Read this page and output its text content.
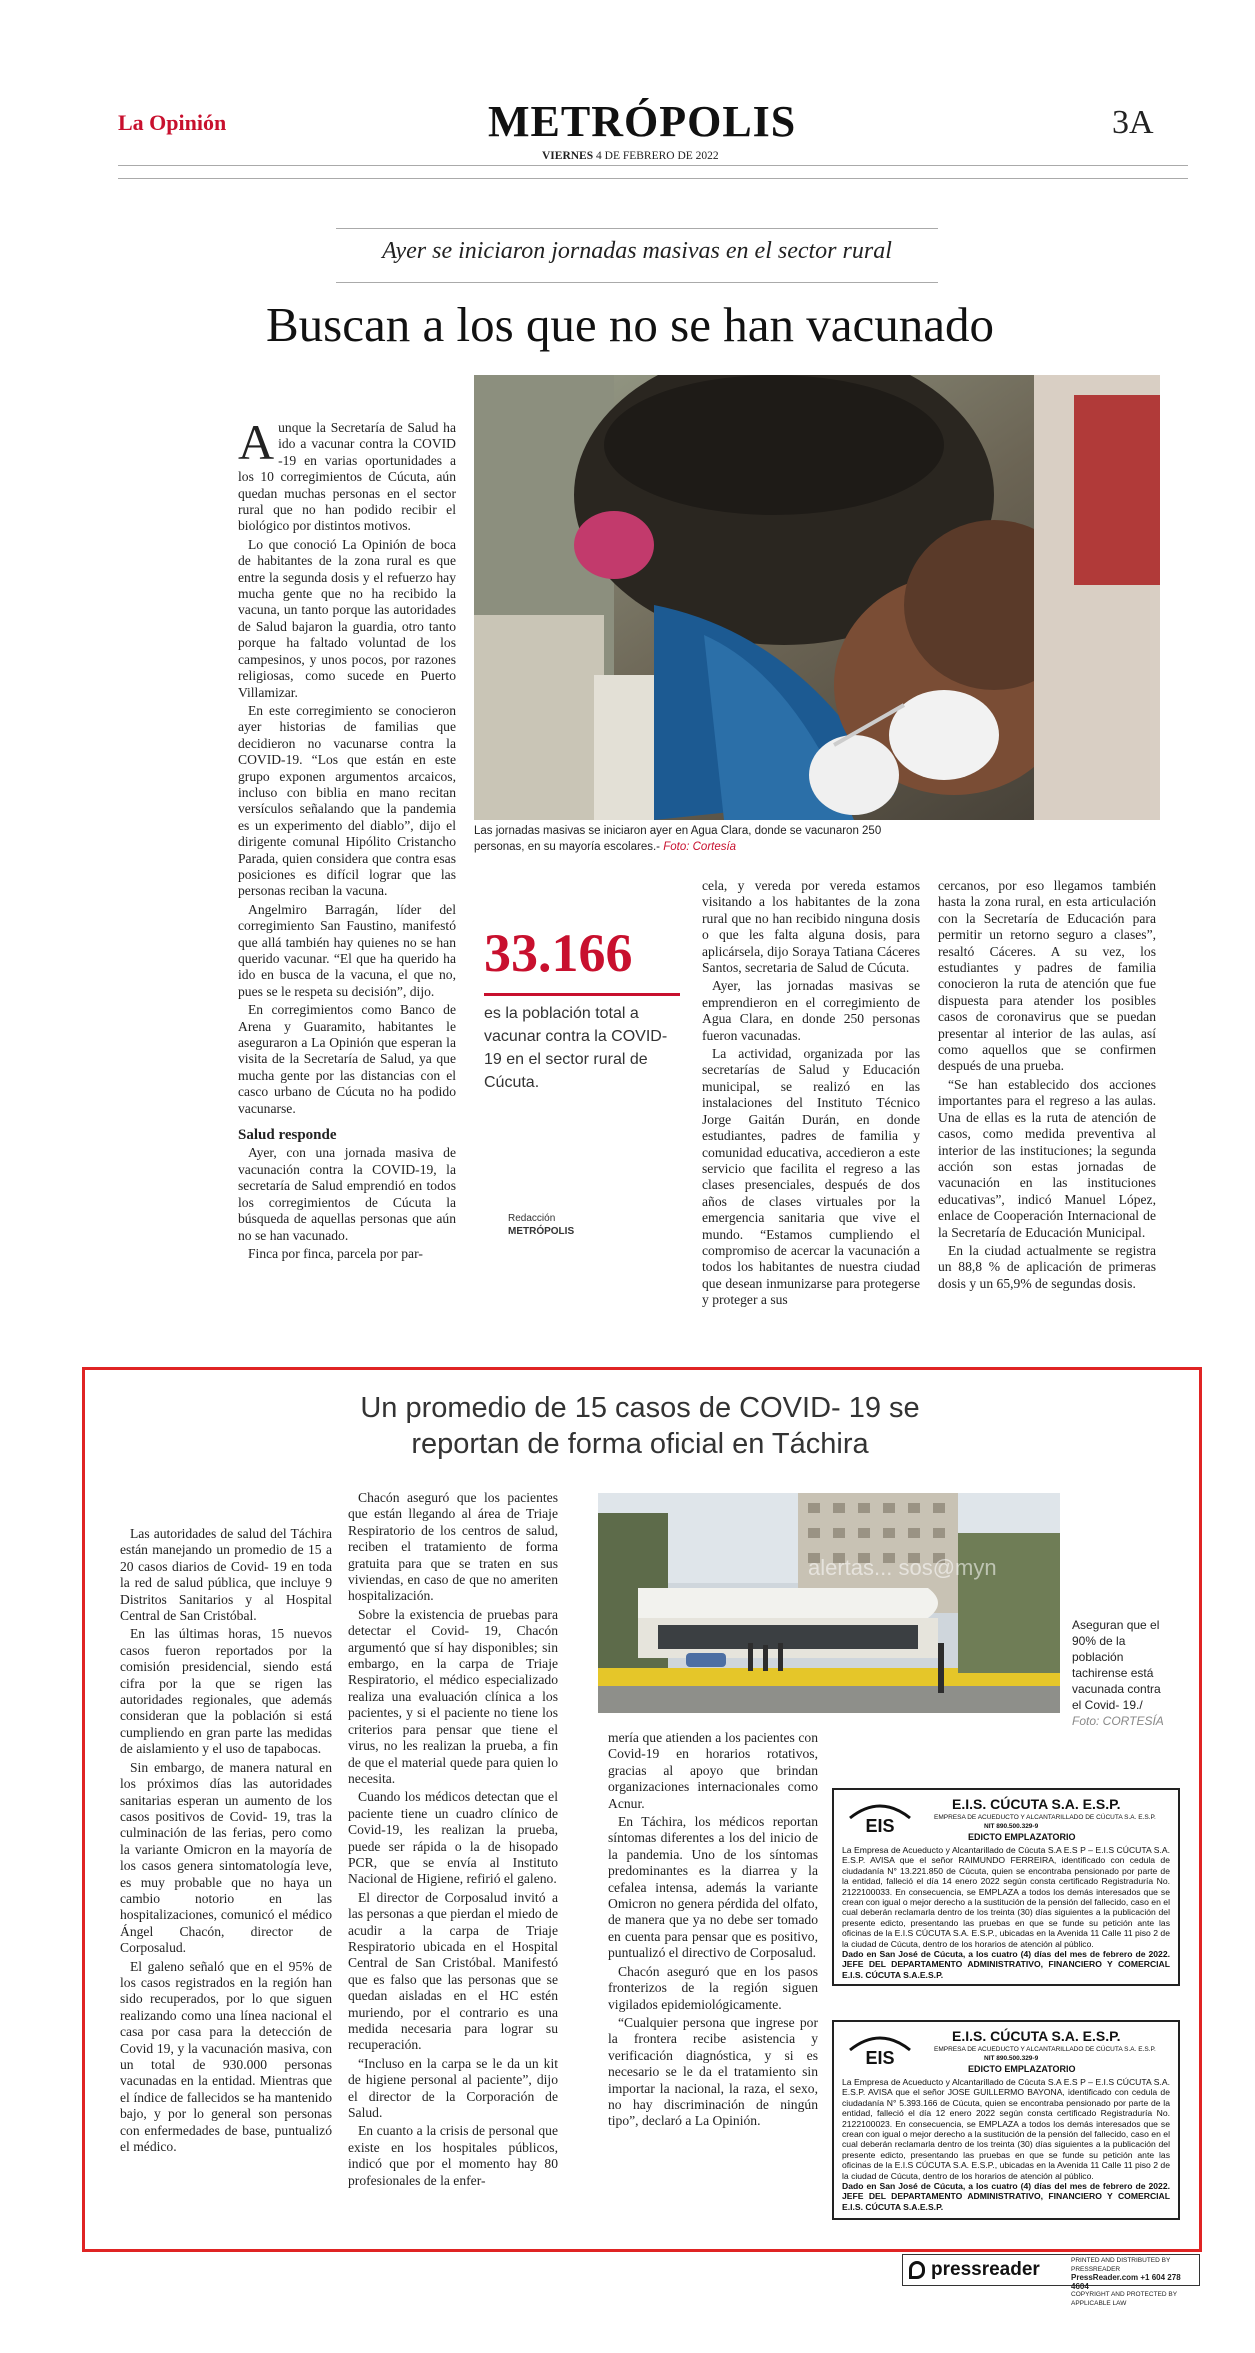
La Opinión	METRÓPOLIS	3A
VIERNES 4 DE FEBRERO DE 2022
Ayer se iniciaron jornadas masivas en el sector rural
Buscan a los que no se han vacunado
Las jornadas masivas se iniciaron ayer en Agua Clara, donde se vacunaron 250 personas, en su mayoría escolares.- Foto: Cortesía

A unque la Secretaría de Salud ha ido a vacunar contra la COVID -19 en varias oportunidades a los 10 corregimientos de Cúcuta, aún quedan muchas personas en el sector rural que no han podido recibir el biológico por distintos motivos.

Lo que conoció La Opinión de boca de habitantes de la zona rural es que entre la segunda dosis y el refuerzo hay mucha gente que no ha recibido la vacuna, un tanto porque las autoridades de Salud bajaron la guardia, otro tanto porque ha faltado voluntad de los campesinos, y unos pocos, por razones religiosas, como sucede en Puerto Villamizar.

En este corregimiento se conocieron ayer historias de familias que decidieron no vacunarse contra la COVID-19. “Los que están en este grupo exponen argumentos arcaicos, incluso con biblia en mano recitan versículos señalando que la pandemia es un experimento del diablo”, dijo el dirigente comunal Hipólito Cristancho Parada, quien considera que contra esas posiciones es difícil lograr que las personas reciban la vacuna.

Angelmiro Barragán, líder del corregimiento San Faustino, manifestó que allá también hay quienes no se han querido vacunar. “El que ha querido ha ido en busca de la vacuna, el que no, pues se le respeta su decisión”, dijo.

En corregimientos como Banco de Arena y Guaramito, habitantes le aseguraron a La Opinión que esperan la visita de la Secretaría de Salud, ya que mucha gente por las distancias con el casco urbano de Cúcuta no ha podido vacunarse.

Salud responde

Ayer, con una jornada masiva de vacunación contra la COVID-19, la secretaría de Salud emprendió en todos los corregimientos de Cúcuta la búsqueda de aquellas personas que aún no se han vacunado.

Finca por finca, parcela por par-

33.166
es la población total a vacunar contra la COVID-19 en el sector rural de Cúcuta.
Redacción
METRÓPOLIS

cela, y vereda por vereda estamos visitando a los habitantes de la zona rural que no han recibido ninguna dosis o que les falta alguna dosis, para aplicársela, dijo Soraya Tatiana Cáceres Santos, secretaria de Salud de Cúcuta.

Ayer, las jornadas masivas se emprendieron en el corregimiento de Agua Clara, en donde 250 personas fueron vacunadas.

La actividad, organizada por las secretarías de Salud y Educación municipal, se realizó en las instalaciones del Instituto Técnico Jorge Gaitán Durán, en donde estudiantes, padres de familia y comunidad educativa, accedieron a este servicio que facilita el regreso a las clases presenciales, después de dos años de clases virtuales por la emergencia sanitaria que vive el mundo. “Estamos cumpliendo el compromiso de acercar la vacunación a todos los habitantes de nuestra ciudad que desean inmunizarse para protegerse y proteger a sus

cercanos, por eso llegamos también hasta la zona rural, en esta articulación con la Secretaría de Educación para permitir un retorno seguro a clases”, resaltó Cáceres. A su vez, los estudiantes y padres de familia conocieron la ruta de atención que fue dispuesta para atender los posibles casos de coronavirus que se puedan presentar al interior de las aulas, así como aquellos que se confirmen después de una prueba.

“Se han establecido dos acciones importantes para el regreso a las aulas. Una de ellas es la ruta de atención de casos, como medida preventiva al interior de las instituciones; la segunda acción son estas jornadas de vacunación en las instituciones educativas”, indicó Manuel López, enlace de Cooperación Internacional de la Secretaría de Educación Municipal.

En la ciudad actualmente se registra un 88,8 % de aplicación de primeras dosis y un 65,9% de segundas dosis.

Un promedio de 15 casos de COVID- 19 se
reportan de forma oficial en Táchira

Las autoridades de salud del Táchira están manejando un promedio de 15 a 20 casos diarios de Covid- 19 en toda la red de salud pública, que incluye 9 Distritos Sanitarios y al Hospital Central de San Cristóbal.

En las últimas horas, 15 nuevos casos fueron reportados por la comisión presidencial, siendo está cifra por la que se rigen las autoridades regionales, que además consideran que la población si está cumpliendo en gran parte las medidas de aislamiento y el uso de tapabocas.

Sin embargo, de manera natural en los próximos días las autoridades sanitarias esperan un aumento de los casos positivos de Covid- 19, tras la culminación de las ferias, pero como la variante Omicron en la mayoría de los casos genera sintomatología leve, es muy probable que no haya un cambio notorio en las hospitalizaciones, comunicó el médico Ángel Chacón, director de Corposalud.

El galeno señaló que en el 95% de los casos registrados en la región han sido recuperados, por lo que siguen realizando como una línea nacional el casa por casa para la detección de Covid 19, y la vacunación masiva, con un total de 930.000 personas vacunadas en la entidad. Mientras que el índice de fallecidos se ha mantenido bajo, y por lo general son personas con enfermedades de base, puntualizó el médico.

Chacón aseguró que los pacientes que están llegando al área de Triaje Respiratorio de los centros de salud, reciben el tratamiento de forma gratuita para que se traten en sus viviendas, en caso de que no ameriten hospitalización.

Sobre la existencia de pruebas para detectar el Covid- 19, Chacón argumentó que sí hay disponibles; sin embargo, en la carpa de Triaje Respiratorio, el médico especializado realiza una evaluación clínica a los pacientes, y si el paciente no tiene los criterios para pensar que tiene el virus, no les realizan la prueba, a fin de que el material quede para quien lo necesita.

Cuando los médicos detectan que el paciente tiene un cuadro clínico de Covid-19, les realizan la prueba, puede ser rápida o la de hisopado PCR, que se envía al Instituto Nacional de Higiene, refirió el galeno.

El director de Corposalud invitó a las personas a que pierdan el miedo de acudir a la carpa de Triaje Respiratorio ubicada en el Hospital Central de San Cristóbal. Manifestó que es falso que las personas que se quedan aisladas en el HC estén muriendo, por el contrario es una medida necesaria para lograr su recuperación.

“Incluso en la carpa se le da un kit de higiene personal al paciente”, dijo el director de la Corporación de Salud.

En cuanto a la crisis de personal que existe en los hospitales públicos, indicó que por el momento hay 80 profesionales de la enfer-

alertas... sos@myn
Aseguran que el 90% de la población tachirense está vacunada contra el Covid- 19./ Foto: CORTESÍA

mería que atienden a los pacientes con Covid-19 en horarios rotativos, gracias al apoyo que brindan organizaciones internacionales como Acnur.

En Táchira, los médicos reportan síntomas diferentes a los del inicio de la pandemia. Uno de los síntomas predominantes es la diarrea y la cefalea intensa, además la variante Omicron no genera pérdida del olfato, de manera que ya no debe ser tomado en cuenta para pensar que es positivo, puntualizó el directivo de Corposalud.

Chacón aseguró que en los pasos fronterizos de la región siguen vigilados epidemiológicamente.

“Cualquier persona que ingrese por la frontera recibe asistencia y verificación diagnóstica, y si es necesario se le da el tratamiento sin importar la nacional, la raza, el sexo, no hay discriminación de ningún tipo”, declaró a La Opinión.

EIS
E.I.S. CÚCUTA S.A. E.S.P.
EMPRESA DE ACUEDUCTO Y ALCANTARILLADO DE CÚCUTA S.A. E.S.P.
NIT 890.500.329-9
EDICTO EMPLAZATORIO
La Empresa de Acueducto y Alcantarillado de Cúcuta S.A E.S P – E.I.S CÚCUTA S.A. E.S.P. AVISA que el señor RAIMUNDO FERREIRA, identificado con cedula de ciudadanía N° 13.221.850 de Cúcuta, quien se encontraba pensionado por parte de la entidad, falleció el día 14 enero 2022 según consta certificado Registraduría No. 2122100033. En consecuencia, se EMPLAZA a todos los demás interesados que se crean con igual o mejor derecho a la sustitución de la pensión del fallecido, caso en el cual deberán reclamarla dentro de los treinta (30) días siguientes a la publicación del presente edicto, presentando las pruebas en que se funde su petición ante las oficinas de la E.I.S CÚCUTA S.A. E.S.P., ubicadas en la Avenida 11 Calle 11 piso 2 de la ciudad de Cúcuta, dentro de los horarios de atención al público.
Dado en San José de Cúcuta, a los cuatro (4) días del mes de febrero de 2022. JEFE DEL DEPARTAMENTO ADMINISTRATIVO, FINANCIERO Y COMERCIAL E.I.S. CÚCUTA S.A.E.S.P.
EIS
E.I.S. CÚCUTA S.A. E.S.P.
EMPRESA DE ACUEDUCTO Y ALCANTARILLADO DE CÚCUTA S.A. E.S.P.
NIT 890.500.329-9
EDICTO EMPLAZATORIO
La Empresa de Acueducto y Alcantarillado de Cúcuta S.A E.S P – E.I.S CÚCUTA S.A. E.S.P. AVISA que el señor JOSE GUILLERMO BAYONA, identificado con cedula de ciudadanía N° 5.393.166 de Cúcuta, quien se encontraba pensionado por parte de la entidad, falleció el día 12 enero 2022 según consta certificado Registraduría No. 2122100023. En consecuencia, se EMPLAZA a todos los demás interesados que se crean con igual o mejor derecho a la sustitución de la pensión del fallecido, caso en el cual deberán reclamarla dentro de los treinta (30) días siguientes a la publicación del presente edicto, presentando las pruebas en que se funde su petición ante las oficinas de la E.I.S CÚCUTA S.A. E.S.P., ubicadas en la Avenida 11 Calle 11 piso 2 de la ciudad de Cúcuta, dentro de los horarios de atención al público.
Dado en San José de Cúcuta, a los cuatro (4) días del mes de febrero de 2022. JEFE DEL DEPARTAMENTO ADMINISTRATIVO, FINANCIERO Y COMERCIAL E.I.S. CÚCUTA S.A.E.S.P.
pressreader	PRINTED AND DISTRIBUTED BY PRESSREADER
PressReader.com +1 604 278 4604
COPYRIGHT AND PROTECTED BY APPLICABLE LAW
